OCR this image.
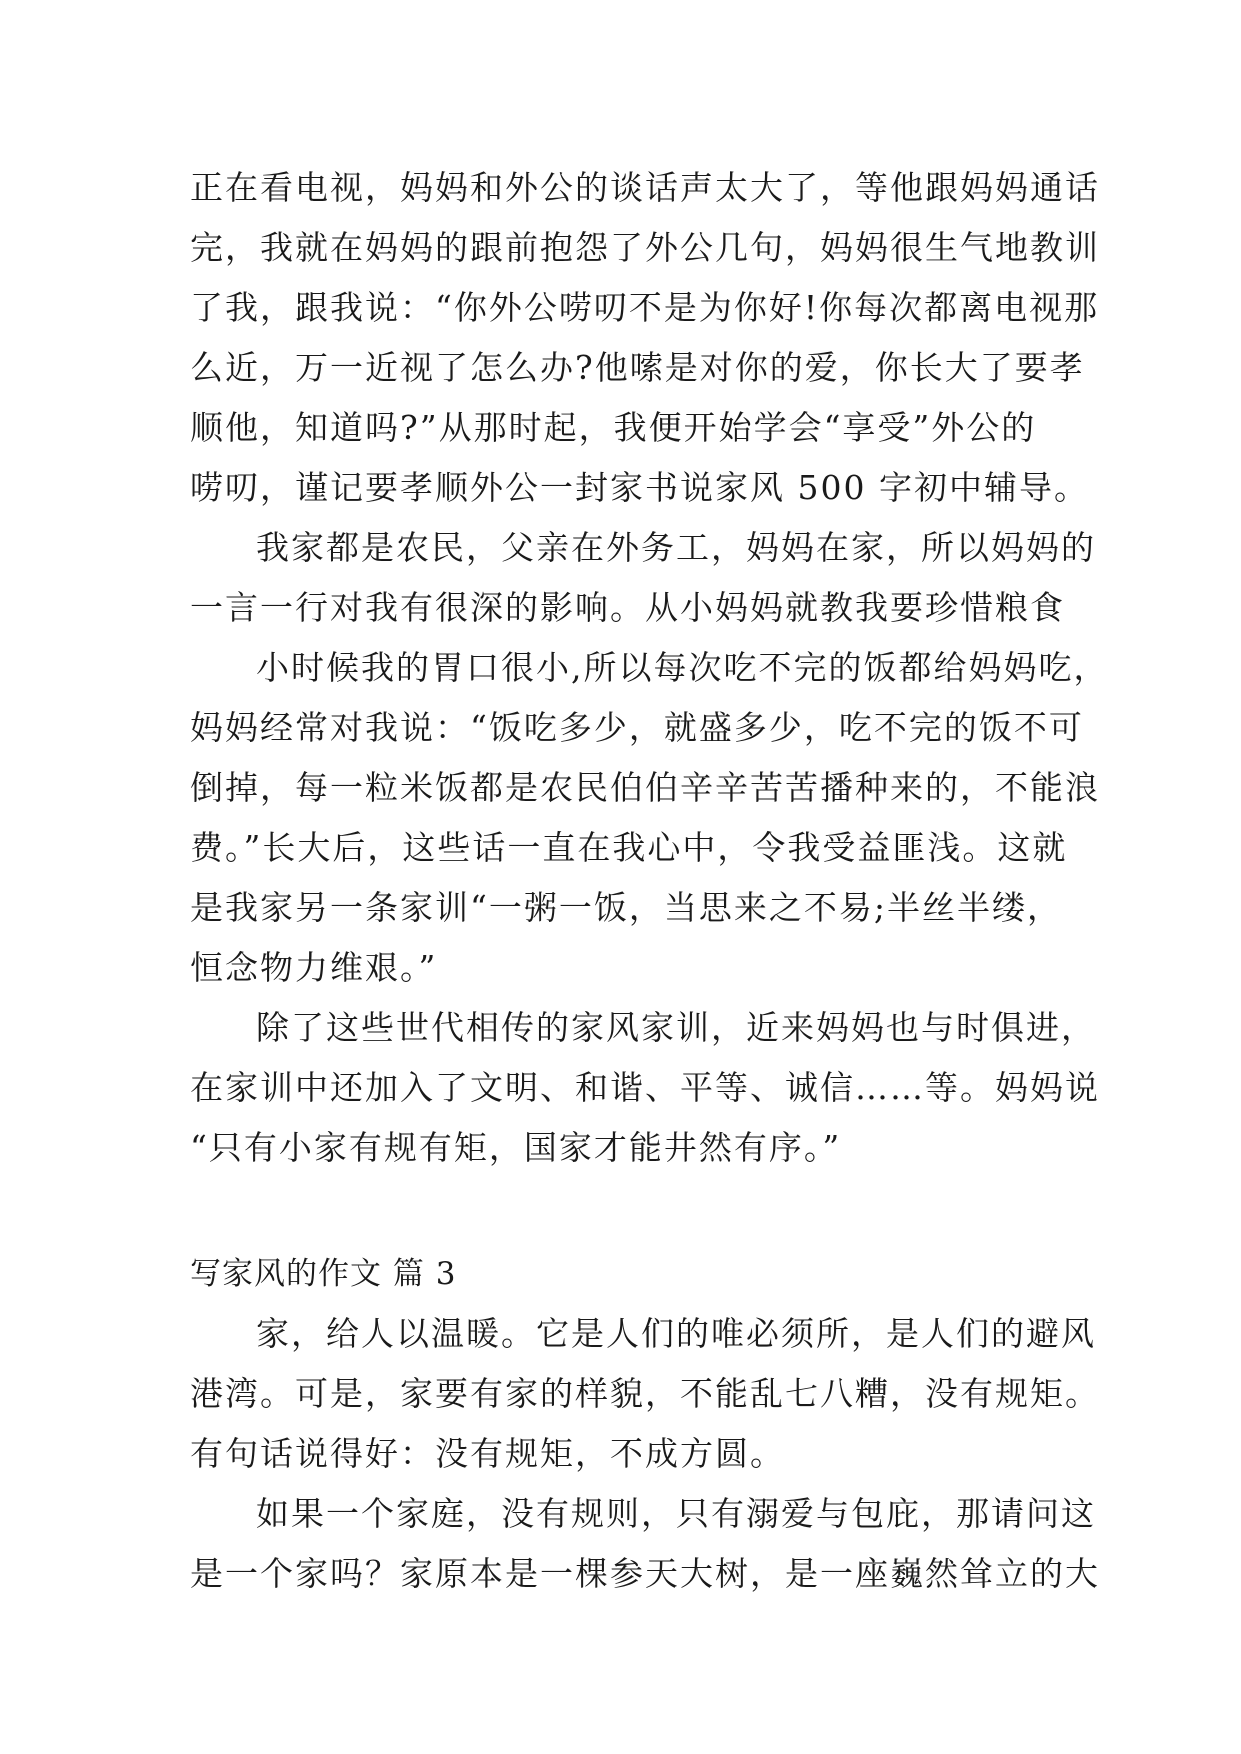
正在看电视，妈妈和外公的谈话声太大了，等他跟妈妈通话
完，我就在妈妈的跟前抱怨了外公几句，妈妈很生气地教训
了我，跟我说：“你外公唠叨不是为你好!你每次都离电视那
么近，万一近视了怎么办?他嗦是对你的爱，你长大了要孝
顺他，知道吗?”从那时起，我便开始学会“享受”外公的
唠叨，谨记要孝顺外公一封家书说家风 500 字初中辅导。
我家都是农民，父亲在外务工，妈妈在家，所以妈妈的
一言一行对我有很深的影响。从小妈妈就教我要珍惜粮食
小时候我的胃口很小,所以每次吃不完的饭都给妈妈吃，
妈妈经常对我说：“饭吃多少，就盛多少，吃不完的饭不可
倒掉，每一粒米饭都是农民伯伯辛辛苦苦播种来的，不能浪
费。”长大后，这些话一直在我心中，令我受益匪浅。这就
是我家另一条家训“一粥一饭，当思来之不易;半丝半缕，
恒念物力维艰。”
除了这些世代相传的家风家训，近来妈妈也与时俱进，
在家训中还加入了文明、和谐、平等、诚信……等。妈妈说
“只有小家有规有矩，国家才能井然有序。”
写家风的作文 篇 3
家，给人以温暖。它是人们的唯必须所，是人们的避风
港湾。可是，家要有家的样貌，不能乱七八糟，没有规矩。
有句话说得好：没有规矩，不成方圆。
如果一个家庭，没有规则，只有溺爱与包庇，那请问这
是一个家吗？家原本是一棵参天大树，是一座巍然耸立的大
